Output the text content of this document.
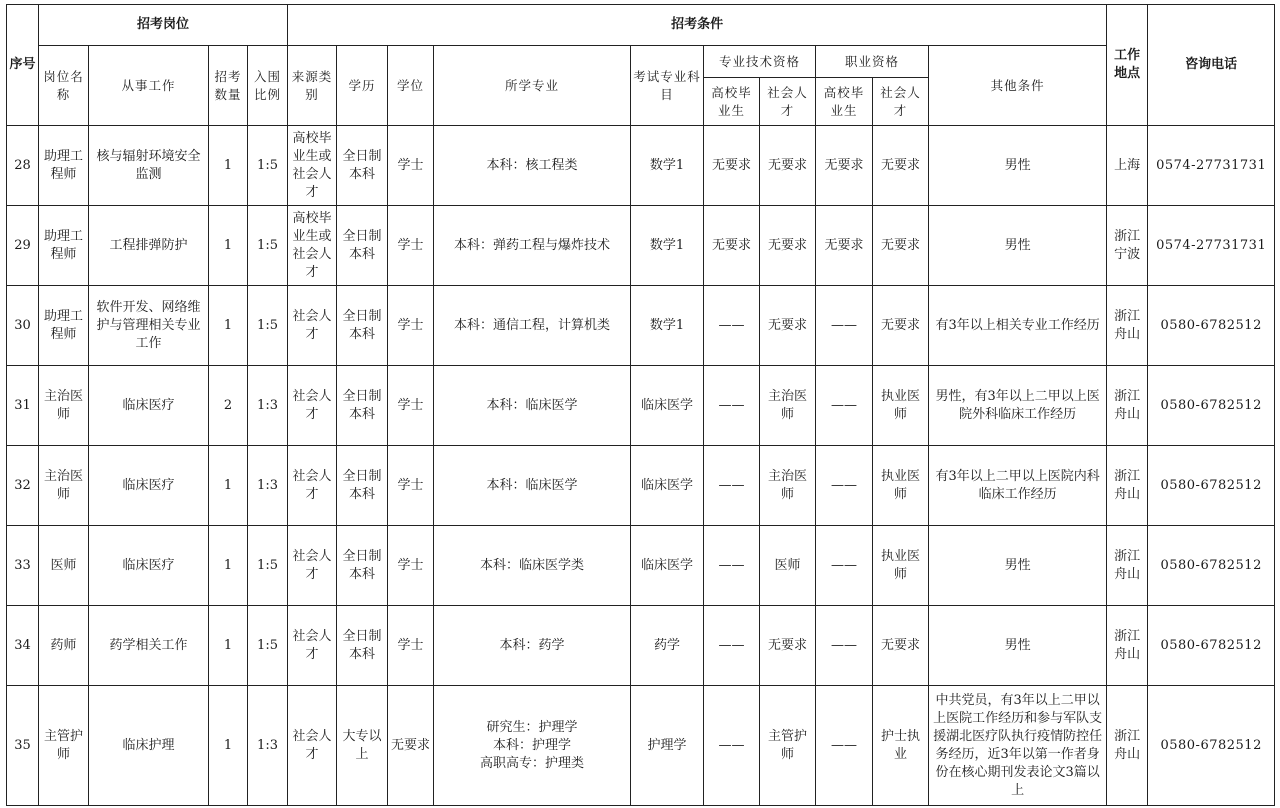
序号	招考岗位				招考条件										工作地点	咨询电话
	岗位名称	从事工作	招考数量	入围比例	来源类别	学历	学位	所学专业	考试专业科　目	专业技术资格		职业资格		其他条件		
										高校毕业生	社会人才	高校毕业生	社会人才			
28	助理工程师	核与辐射环境安全监测	1	1:5	高校毕业生或社会人才	全日制本科	学士	本科：核工程类	数学1	无要求	无要求	无要求	无要求	男性	上海	0574-27731731
29	助理工程师	工程排弹防护	1	1:5	高校毕业生或社会人才	全日制本科	学士	本科：弹药工程与爆炸技术	数学1	无要求	无要求	无要求	无要求	男性	浙江宁波	0574-27731731
30	助理工程师	软件开发、网络维护与管理相关专业工作	1	1:5	社会人才	全日制本科	学士	本科：通信工程，计算机类	数学1	——	无要求	——	无要求	有3年以上相关专业工作经历	浙江舟山	0580-6782512
31	主治医师	临床医疗	2	1:3	社会人才	全日制本科	学士	本科：临床医学	临床医学	——	主治医师	——	执业医师	男性，有3年以上二甲以上医院外科临床工作经历	浙江舟山	0580-6782512
32	主治医师	临床医疗	1	1:3	社会人才	全日制本科	学士	本科：临床医学	临床医学	——	主治医师	——	执业医师	有3年以上二甲以上医院内科临床工作经历	浙江舟山	0580-6782512
33	医师	临床医疗	1	1:5	社会人才	全日制本科	学士	本科：临床医学类	临床医学	——	医师	——	执业医师	男性	浙江舟山	0580-6782512
34	药师	药学相关工作	1	1:5	社会人才	全日制本科	学士	本科：药学	药学	——	无要求	——	无要求	男性	浙江舟山	0580-6782512
35	主管护师	临床护理	1	1:3	社会人才	大专以上	无要求	研究生：护理学
本科：护理学
高职高专：护理类	护理学	——	主管护师	——	护士执业	中共党员，有3年以上二甲以上医院工作经历和参与军队支援湖北医疗队执行疫情防控任务经历，近3年以第一作者身份在核心期刊发表论文3篇以上	浙江舟山	0580-6782512
